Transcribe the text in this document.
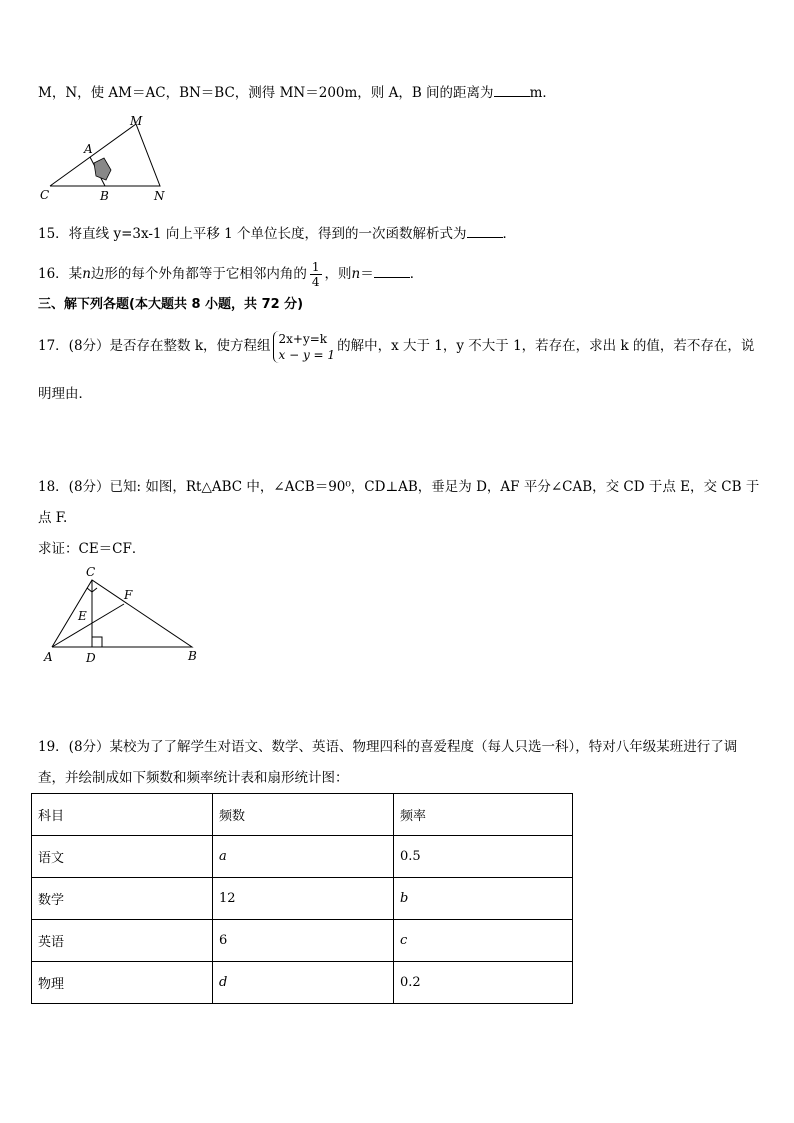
M，N，使 AM＝AC，BN＝BC，测得 MN＝200m，则 A，B 间的距离为	m．
M
A
C	B	N
15．将直线 y=3x-1 向上平移 1 个单位长度，得到的一次函数解析式为	．
16．某n边形的每个外角都等于它相邻内角的 $\frac{1}{4}$ ，则n＝	．
三、解下列各题(本大题共 8 小题，共 72 分)
17．(8分）是否存在整数 k，使方程组 2x+y=k
x − y = 1
的解中，x 大于 1，y 不大于 1，若存在，求出 k 的值，若不存在，说
明理由．
18．(8分）已知: 如图，Rt△ABC 中，∠ACB＝90⁰，CD⊥AB，垂足为 D，AF 平分∠CAB，交 CD 于点 E，交 CB 于
点 F.
求证：CE＝CF．
C
F
E
A	D	B
19．(8分）某校为了了解学生对语文、数学、英语、物理四科的喜爱程度（每人只选一科），特对八年级某班进行了调
查，并绘制成如下频数和频率统计表和扇形统计图：
科目	频数	频率
语文	a	0.5
数学	12	b
英语	6	c
物理	d	0.2
